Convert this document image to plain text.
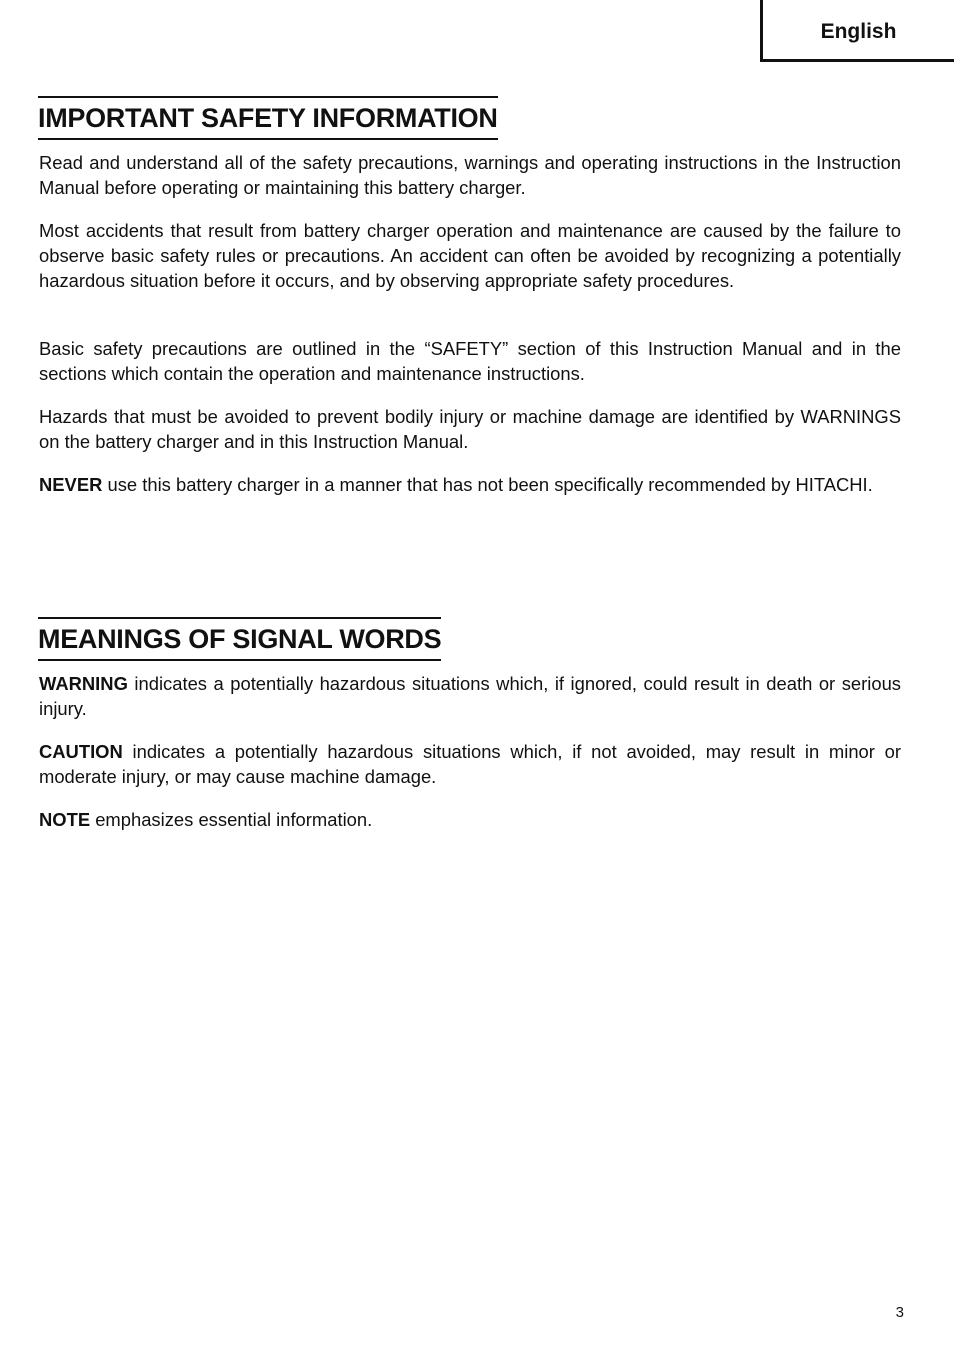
English
IMPORTANT SAFETY INFORMATION

Read and understand all of the safety precautions, warnings and operating instructions in the Instruction Manual before operating or maintaining this battery charger.

Most accidents that result from battery charger operation and maintenance are caused by the failure to observe basic safety rules or precautions. An accident can often be avoided by recognizing a potentially hazardous situation before it occurs, and by observing appropriate safety procedures.

Basic safety precautions are outlined in the “SAFETY” section of this Instruction Manual and in the sections which contain the operation and maintenance instructions.

Hazards that must be avoided to prevent bodily injury or machine damage are identified by WARNINGS on the battery charger and in this Instruction Manual.

NEVER use this battery charger in a manner that has not been specifically recommended by HITACHI.

MEANINGS OF SIGNAL WORDS

WARNING indicates a potentially hazardous situations which, if ignored, could result in death or serious injury.

CAUTION indicates a potentially hazardous situations which, if not avoided, may result in minor or moderate injury, or may cause machine damage.

NOTE emphasizes essential information.

3
